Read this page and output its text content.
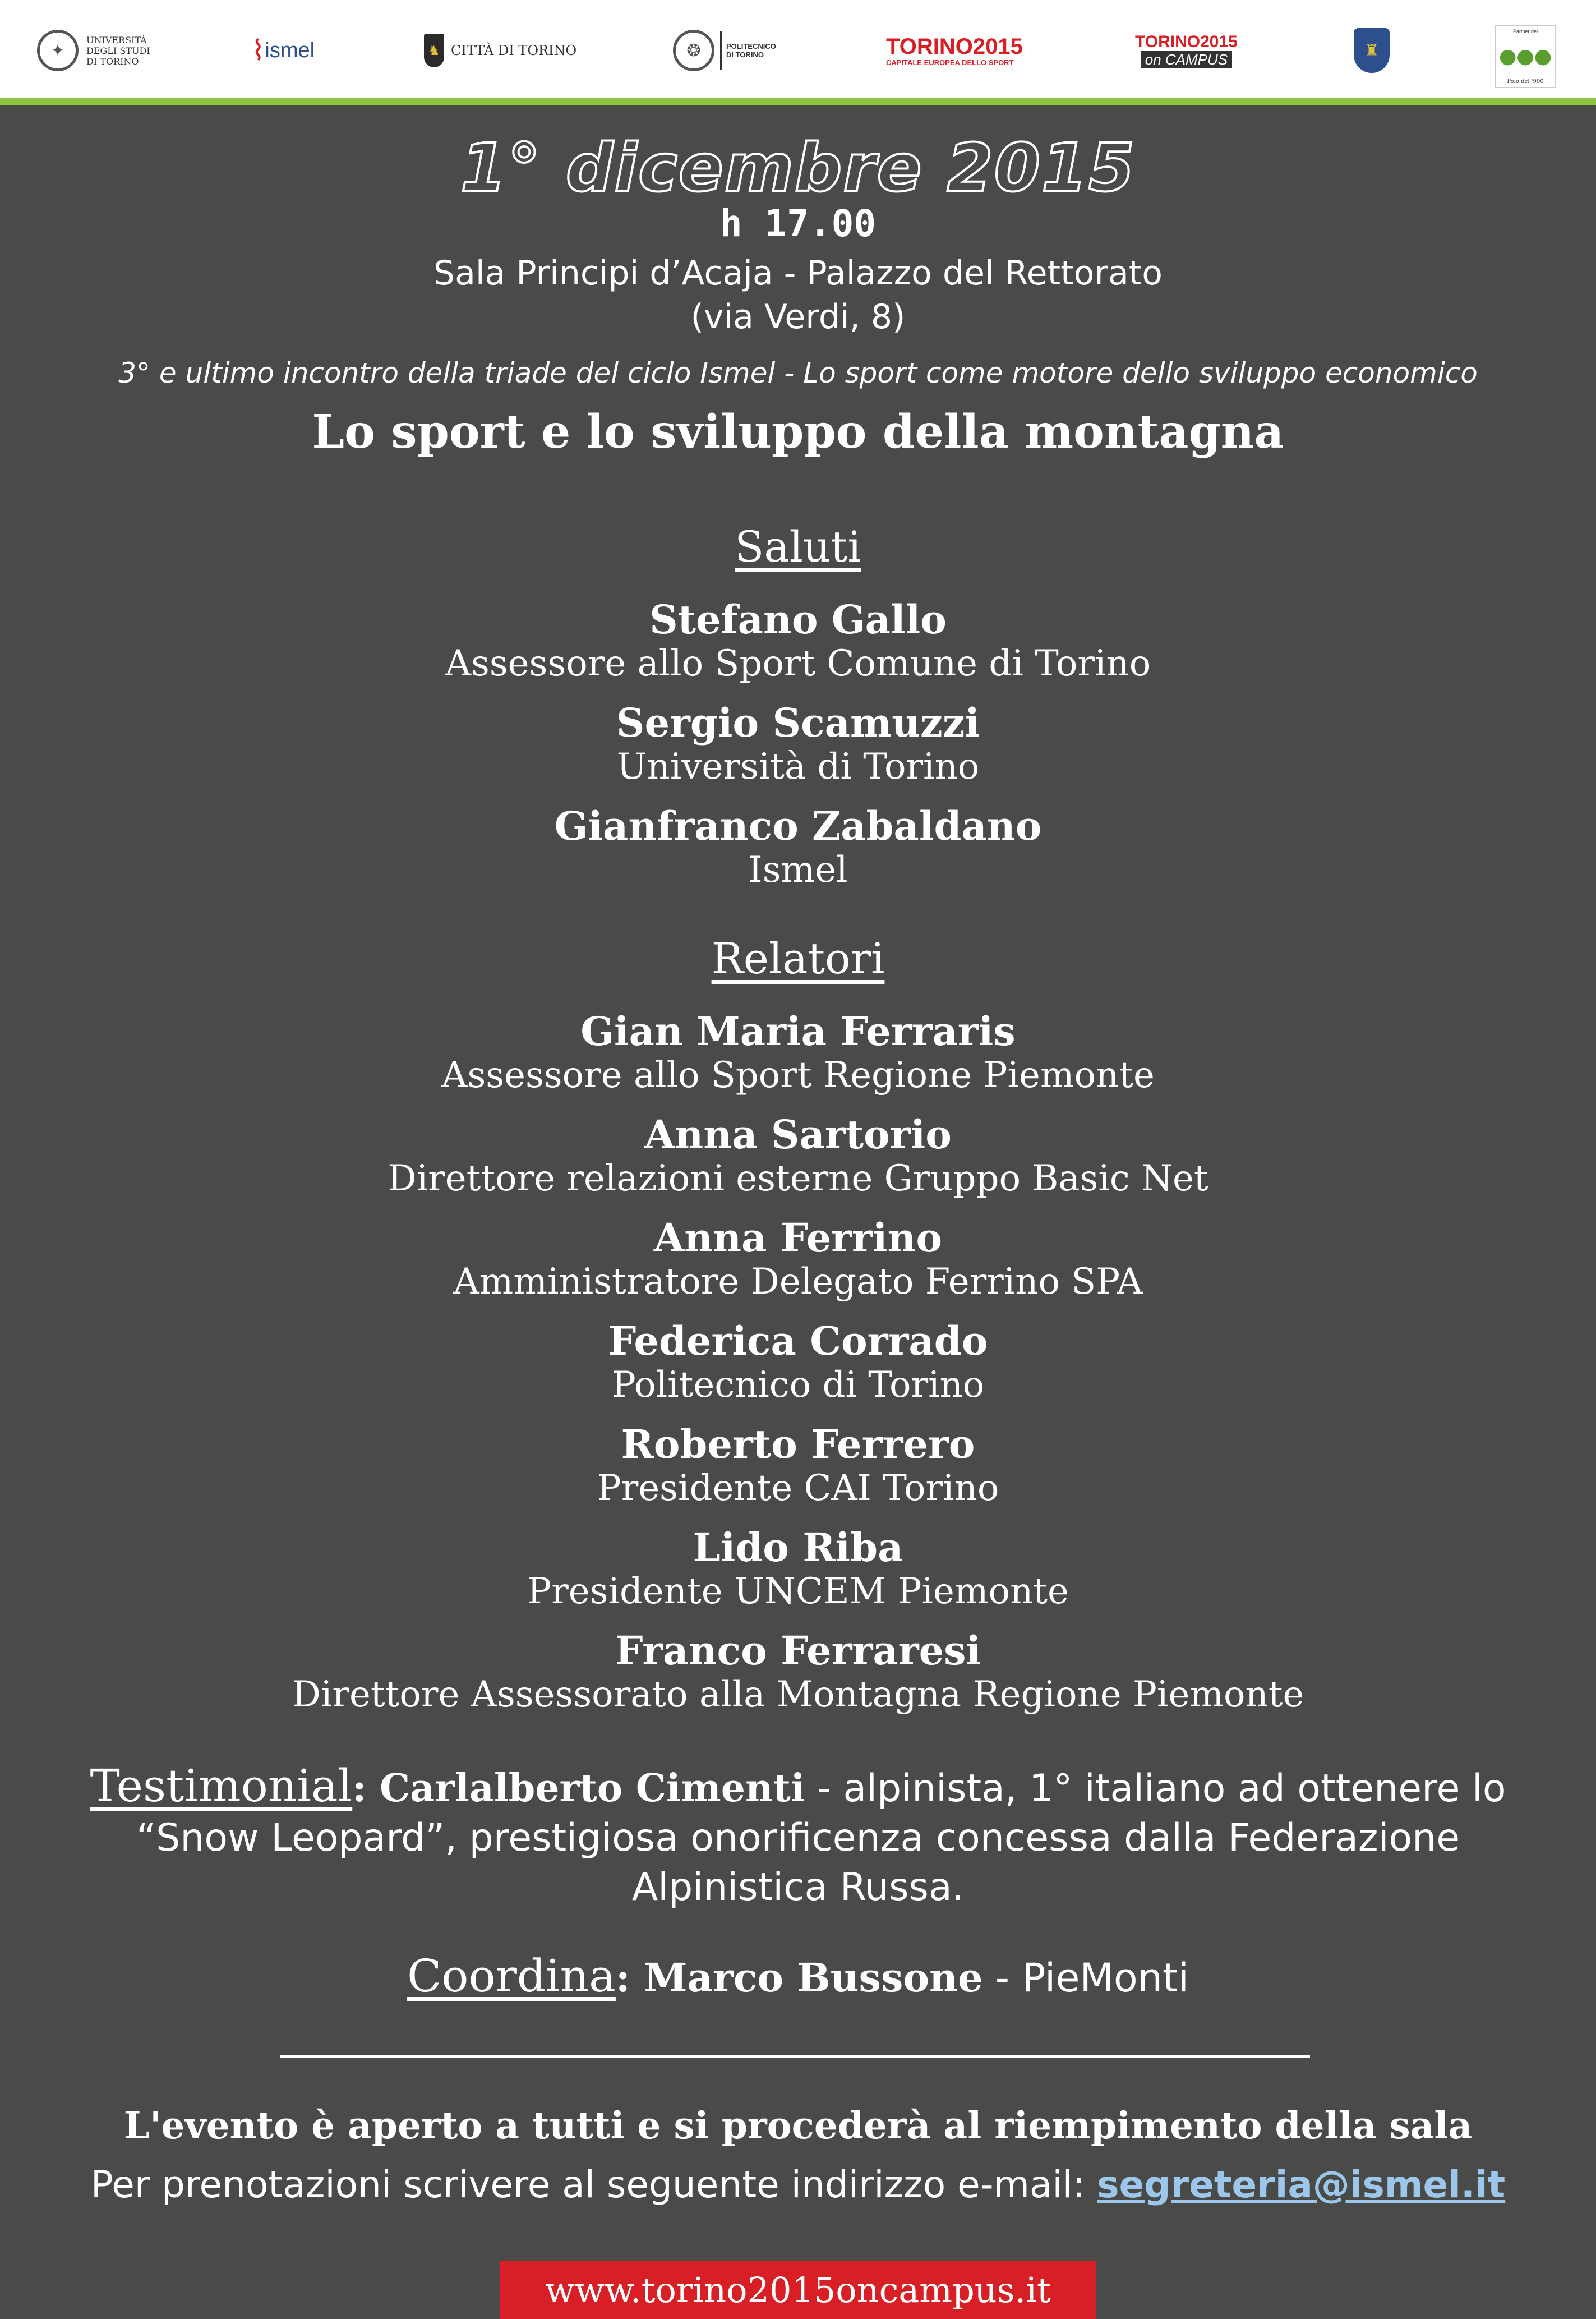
✦
UNIVERSITÀ
DEGLI STUDI
DI TORINO	⌇ ismel	♞ CITTÀ DI TORINO	❂	POLITECNICO
DI TORINO	TORINO2015
CAPITALE EUROPEA DELLO SPORT
TORINO2015
on CAMPUS	♜
Partner del
●●●
Polo del '900
1° dicembre 2015
h 17.00
Sala Principi d’Acaja - Palazzo del Rettorato
(via Verdi, 8)
3° e ultimo incontro della triade del ciclo Ismel - Lo sport come motore dello sviluppo economico
Lo sport e lo sviluppo della montagna
Saluti
Stefano Gallo
Assessore allo Sport Comune di Torino
Sergio Scamuzzi
Università di Torino
Gianfranco Zabaldano
Ismel
Relatori
Gian Maria Ferraris
Assessore allo Sport Regione Piemonte
Anna Sartorio
Direttore relazioni esterne Gruppo Basic Net
Anna Ferrino
Amministratore Delegato Ferrino SPA
Federica Corrado
Politecnico di Torino
Roberto Ferrero
Presidente CAI Torino
Lido Riba
Presidente UNCEM Piemonte
Franco Ferraresi
Direttore Assessorato alla Montagna Regione Piemonte
Testimonial: Carlalberto Cimenti - alpinista, 1° italiano ad ottenere lo “Snow Leopard”, prestigiosa onorificenza concessa dalla Federazione Alpinistica Russa.
Coordina: Marco Bussone - PieMonti
L'evento è aperto a tutti e si procederà al riempimento della sala
Per prenotazioni scrivere al seguente indirizzo e-mail: segreteria@ismel.it
www.torino2015oncampus.it
